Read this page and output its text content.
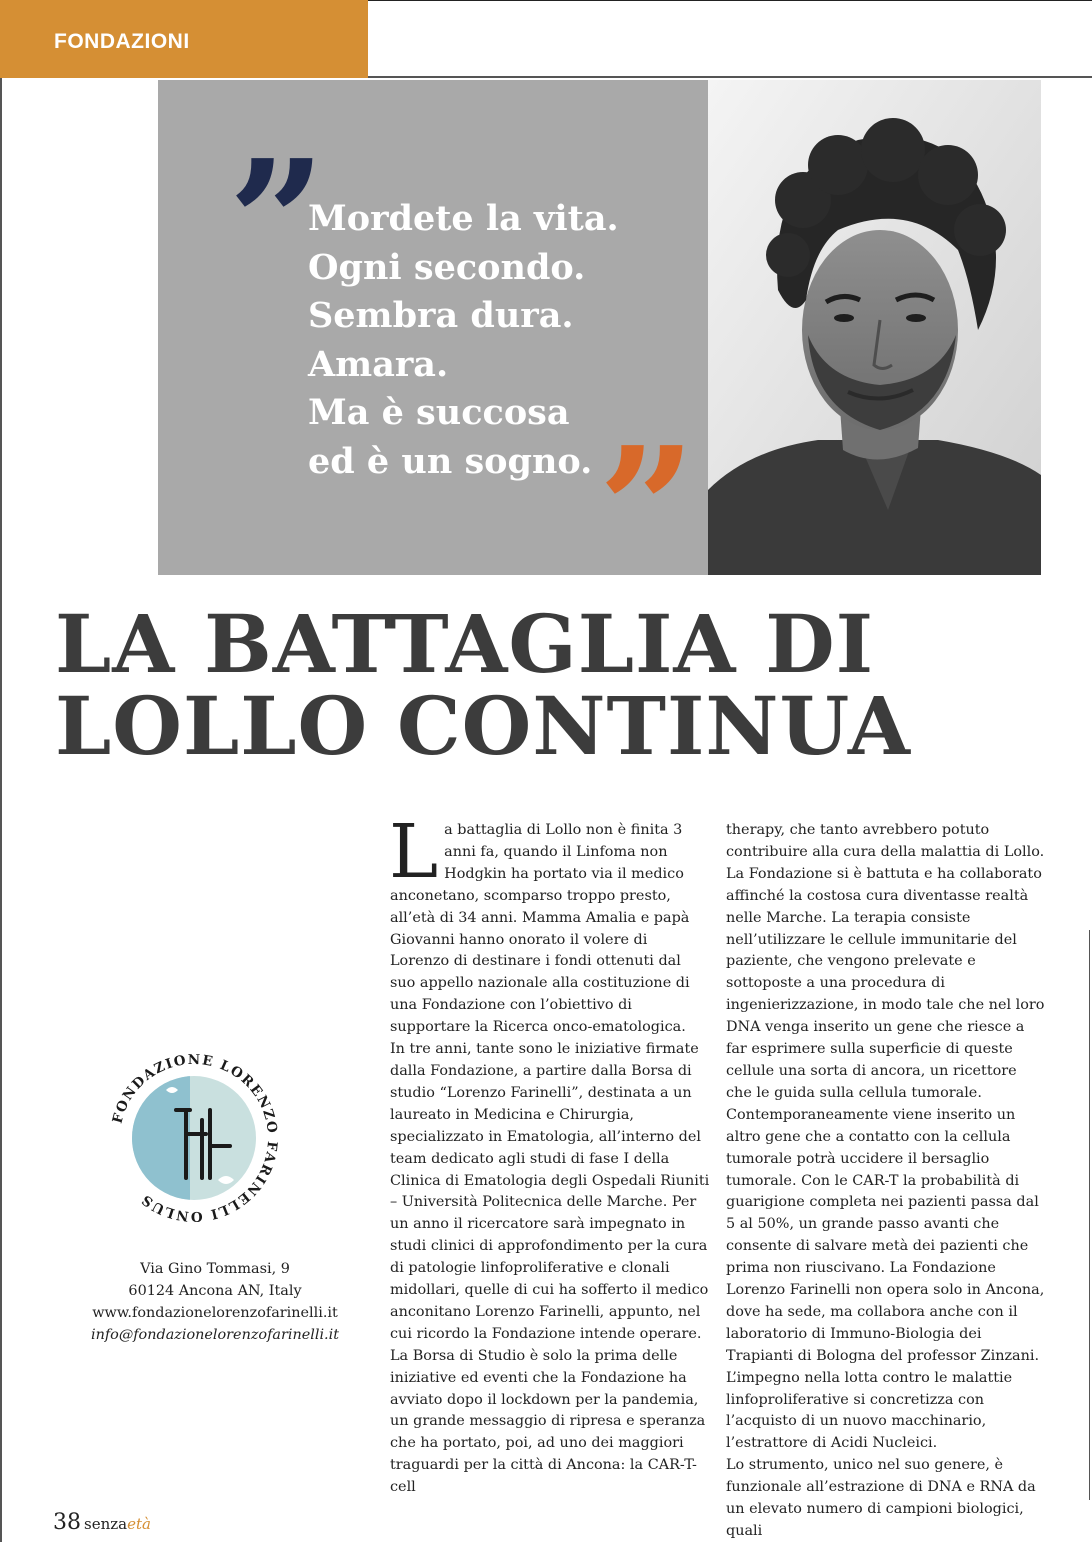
FONDAZIONI
”

Mordete la vita.
Ogni secondo.
Sembra dura.
Amara.
Ma è succosa
ed è un sogno. ”
LA BATTAGLIA DI
LOLLO CONTINUA

La battaglia di Lollo non è finita 3 anni fa, quando il Linfoma non Hodgkin ha portato via il medico anconetano, scomparso troppo presto, all’età di 34 anni. Mamma Amalia e papà Giovanni hanno onorato il volere di Lorenzo di destinare i fondi ottenuti dal suo appello nazionale alla costituzione di una Fondazione con l’obiettivo di supportare la Ricerca onco-ematologica.

In tre anni, tante sono le iniziative firmate dalla Fondazione, a partire dalla Borsa di studio “Lorenzo Farinelli”, destinata a un laureato in Medicina e Chirurgia, specializzato in Ematologia, all’interno del team dedicato agli studi di fase I della Clinica di Ematologia degli Ospedali Riuniti – Università Politecnica delle Marche. Per un anno il ricercatore sarà impegnato in studi clinici di approfondimento per la cura di patologie linfoproliferative e clonali midollari, quelle di cui ha sofferto il medico anconitano Lorenzo Farinelli, appunto, nel cui ricordo la Fondazione intende operare.

La Borsa di Studio è solo la prima delle iniziative ed eventi che la Fondazione ha avviato dopo il lockdown per la pandemia, un grande messaggio di ripresa e speranza che ha portato, poi, ad uno dei maggiori traguardi per la città di Ancona: la CAR-T-cell

therapy, che tanto avrebbero potuto contribuire alla cura della malattia di Lollo. La Fondazione si è battuta e ha collaborato affinché la costosa cura diventasse realtà nelle Marche. La terapia consiste nell’utilizzare le cellule immunitarie del paziente, che vengono prelevate e sottoposte a una procedura di ingenierizzazione, in modo tale che nel loro DNA venga inserito un gene che riesce a far esprimere sulla superficie di queste cellule una sorta di ancora, un ricettore che le guida sulla cellula tumorale. Contemporaneamente viene inserito un altro gene che a contatto con la cellula tumorale potrà uccidere il bersaglio tumorale. Con le CAR-T la probabilità di guarigione completa nei pazienti passa dal 5 al 50%, un grande passo avanti che consente di salvare metà dei pazienti che prima non riuscivano. La Fondazione Lorenzo Farinelli non opera solo in Ancona, dove ha sede, ma collabora anche con il laboratorio di Immuno-Biologia dei Trapianti di Bologna del professor Zinzani. L’impegno nella lotta contro le malattie linfoproliferative si concretizza con l’acquisto di un nuovo macchinario, l’estrattore di Acidi Nucleici.

Lo strumento, unico nel suo genere, è funzionale all’estrazione di DNA e RNA da un elevato numero di campioni biologici, quali

FONDAZIONE LORENZO FARINELLI ONLUS
Via Gino Tommasi, 9
60124 Ancona AN, Italy
www.fondazionelorenzofarinelli.it
info@fondazionelorenzofarinelli.it
38 senzaetà
